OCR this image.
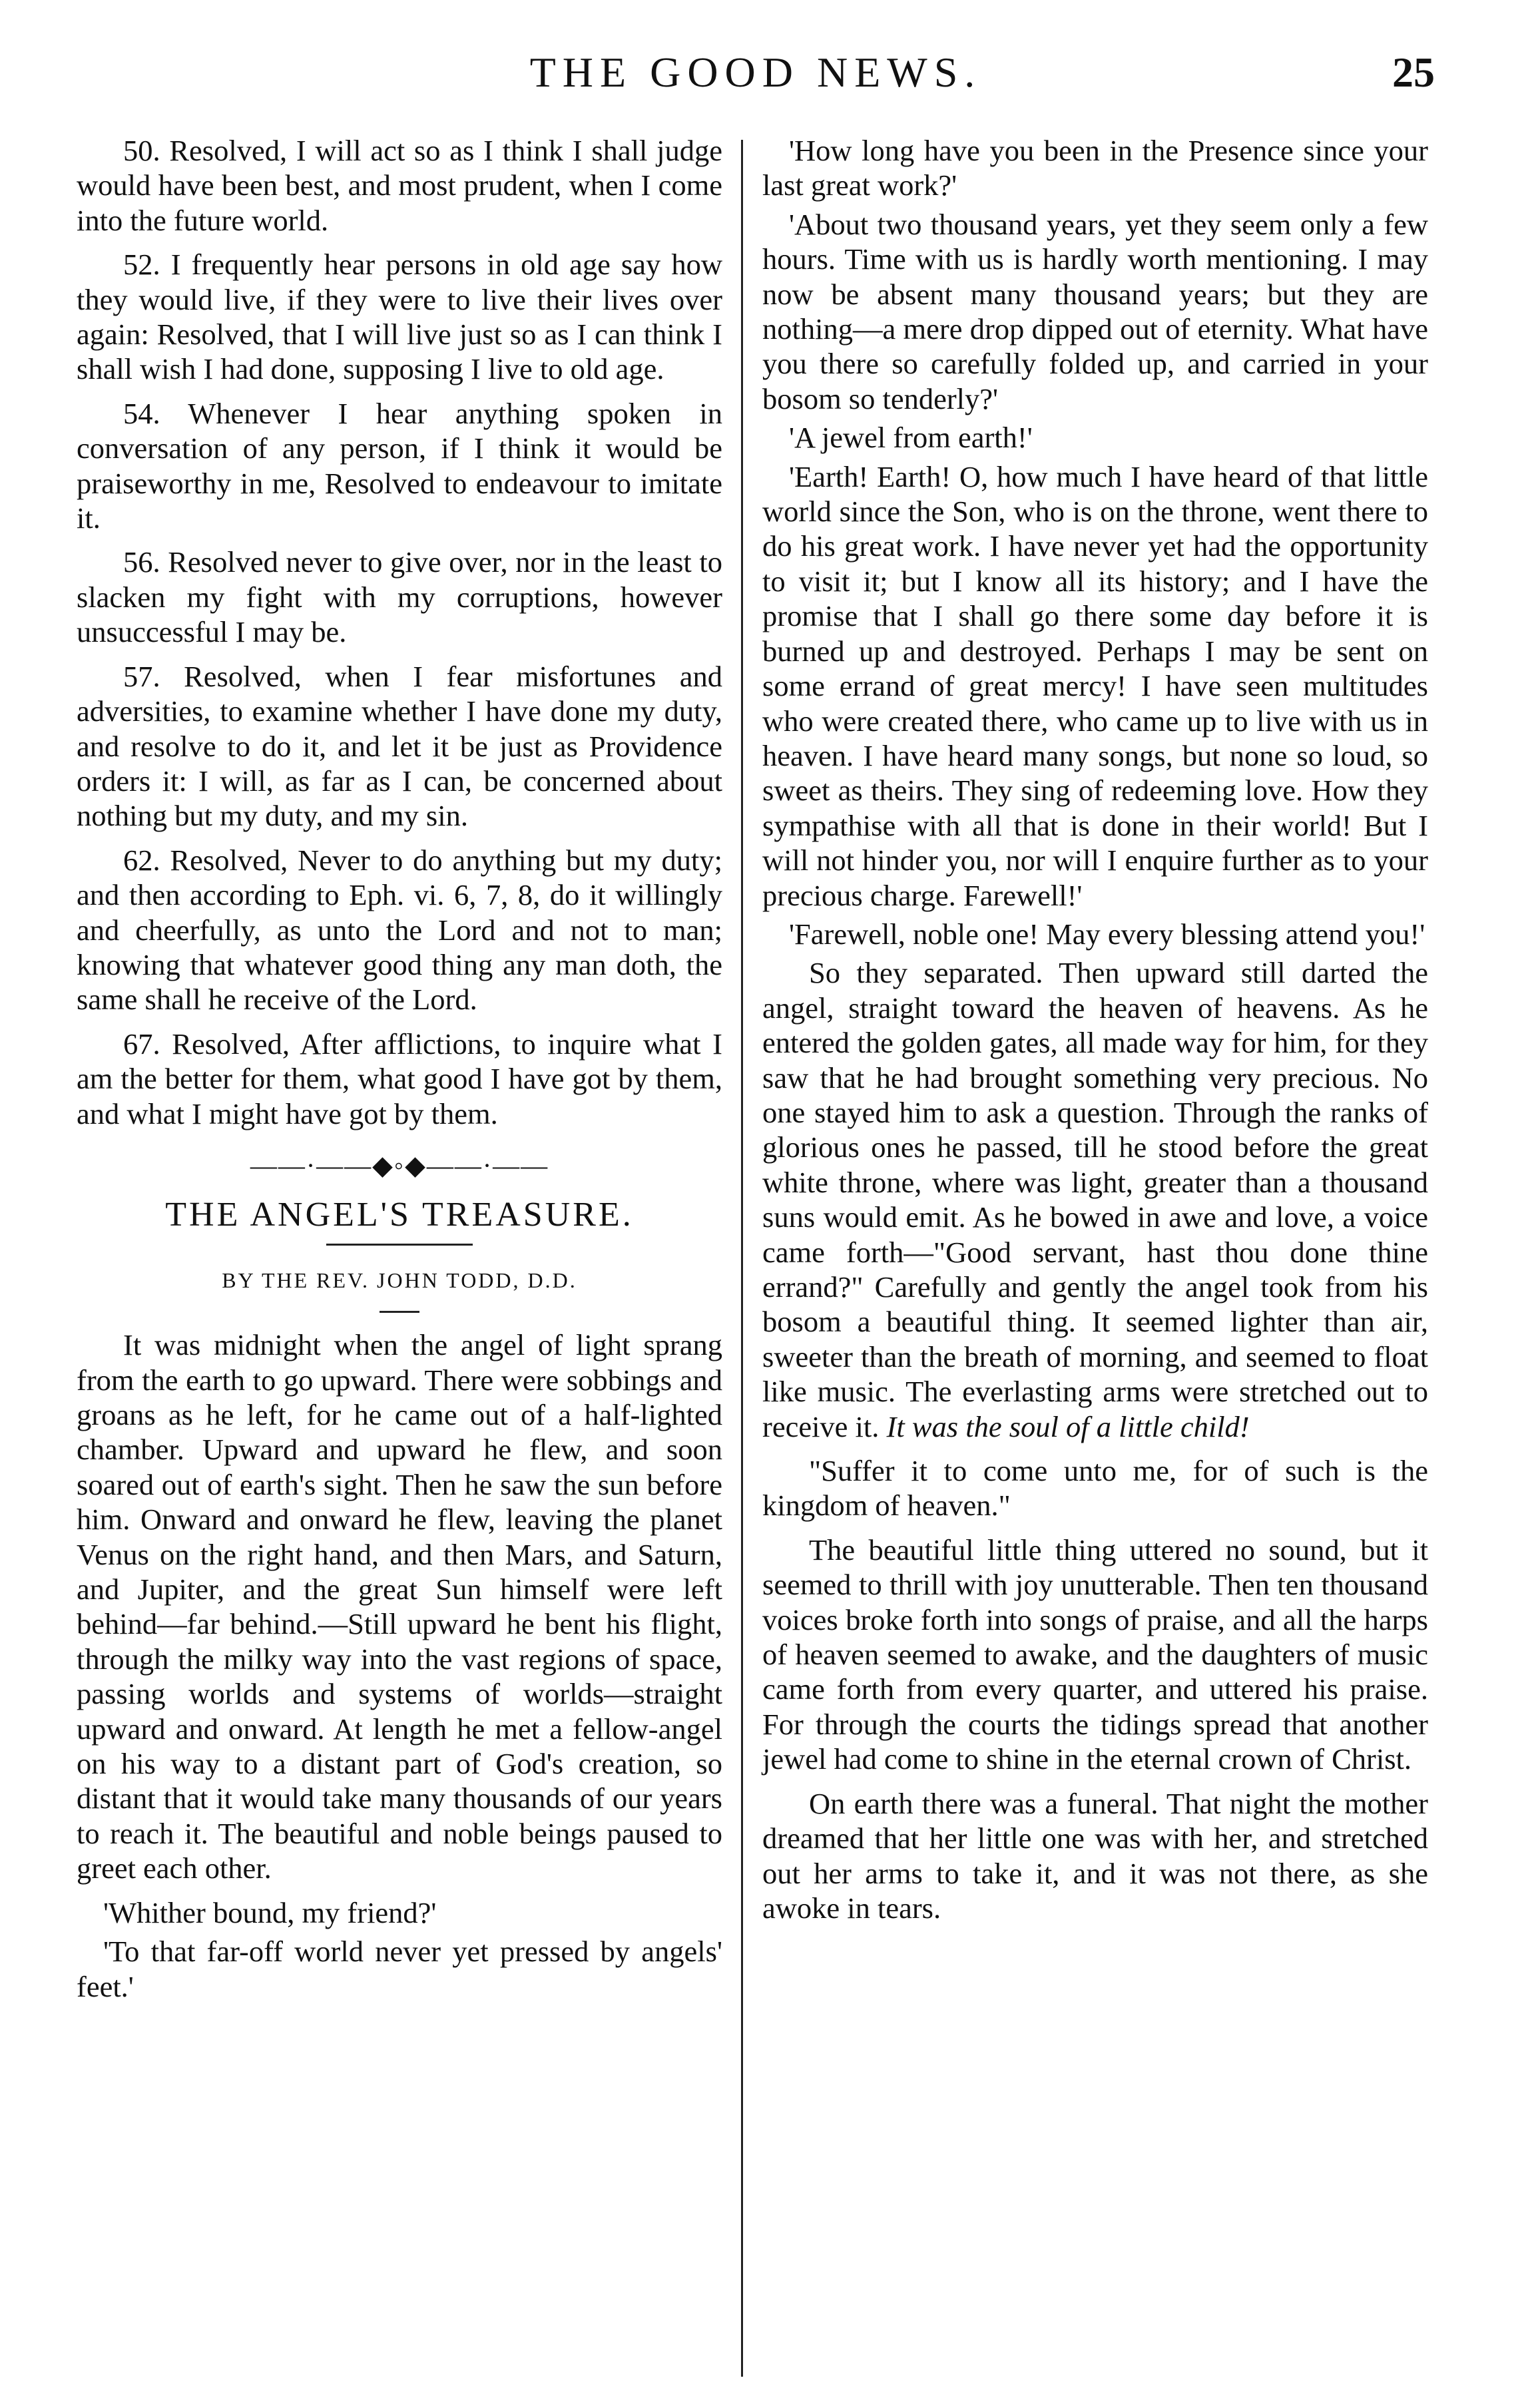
THE GOOD NEWS.	25

50. Resolved, I will act so as I think I shall judge would have been best, and most prudent, when I come into the future world.

52. I frequently hear persons in old age say how they would live, if they were to live their lives over again: Resolved, that I will live just so as I can think I shall wish I had done, supposing I live to old age.

54. Whenever I hear anything spoken in conversation of any person, if I think it would be praiseworthy in me, Resolved to endeavour to imitate it.

56. Resolved never to give over, nor in the least to slacken my fight with my corruptions, however unsuccessful I may be.

57. Resolved, when I fear misfortunes and adversities, to examine whether I have done my duty, and resolve to do it, and let it be just as Providence orders it: I will, as far as I can, be concerned about nothing but my duty, and my sin.

62. Resolved, Never to do anything but my duty; and then according to Eph. vi. 6, 7, 8, do it willingly and cheerfully, as unto the Lord and not to man; knowing that whatever good thing any man doth, the same shall he receive of the Lord.

67. Resolved, After afflictions, to inquire what I am the better for them, what good I have got by them, and what I might have got by them.

——·——◆◦◆——·——
THE ANGEL'S TREASURE.
BY THE REV. JOHN TODD, D.D.

It was midnight when the angel of light sprang from the earth to go upward. There were sobbings and groans as he left, for he came out of a half-lighted chamber. Upward and upward he flew, and soon soared out of earth's sight. Then he saw the sun before him. Onward and onward he flew, leaving the planet Venus on the right hand, and then Mars, and Saturn, and Jupiter, and the great Sun himself were left behind—far behind.—Still upward he bent his flight, through the milky way into the vast regions of space, passing worlds and systems of worlds—straight upward and onward. At length he met a fellow-angel on his way to a distant part of God's creation, so distant that it would take many thousands of our years to reach it. The beautiful and noble beings paused to greet each other.

'Whither bound, my friend?'

'To that far-off world never yet pressed by angels' feet.'

'How long have you been in the Presence since your last great work?'

'About two thousand years, yet they seem only a few hours. Time with us is hardly worth mentioning. I may now be absent many thousand years; but they are nothing—a mere drop dipped out of eternity. What have you there so carefully folded up, and carried in your bosom so tenderly?'

'A jewel from earth!'

'Earth! Earth! O, how much I have heard of that little world since the Son, who is on the throne, went there to do his great work. I have never yet had the opportunity to visit it; but I know all its history; and I have the promise that I shall go there some day before it is burned up and destroyed. Perhaps I may be sent on some errand of great mercy! I have seen multitudes who were created there, who came up to live with us in heaven. I have heard many songs, but none so loud, so sweet as theirs. They sing of redeeming love. How they sympathise with all that is done in their world! But I will not hinder you, nor will I enquire further as to your precious charge. Farewell!'

'Farewell, noble one! May every blessing attend you!'

So they separated. Then upward still darted the angel, straight toward the heaven of heavens. As he entered the golden gates, all made way for him, for they saw that he had brought something very precious. No one stayed him to ask a question. Through the ranks of glorious ones he passed, till he stood before the great white throne, where was light, greater than a thousand suns would emit. As he bowed in awe and love, a voice came forth—"Good servant, hast thou done thine errand?" Carefully and gently the angel took from his bosom a beautiful thing. It seemed lighter than air, sweeter than the breath of morning, and seemed to float like music. The everlasting arms were stretched out to receive it. It was the soul of a little child!

"Suffer it to come unto me, for of such is the kingdom of heaven."

The beautiful little thing uttered no sound, but it seemed to thrill with joy unutterable. Then ten thousand voices broke forth into songs of praise, and all the harps of heaven seemed to awake, and the daughters of music came forth from every quarter, and uttered his praise. For through the courts the tidings spread that another jewel had come to shine in the eternal crown of Christ.

On earth there was a funeral. That night the mother dreamed that her little one was with her, and stretched out her arms to take it, and it was not there, as she awoke in tears.
